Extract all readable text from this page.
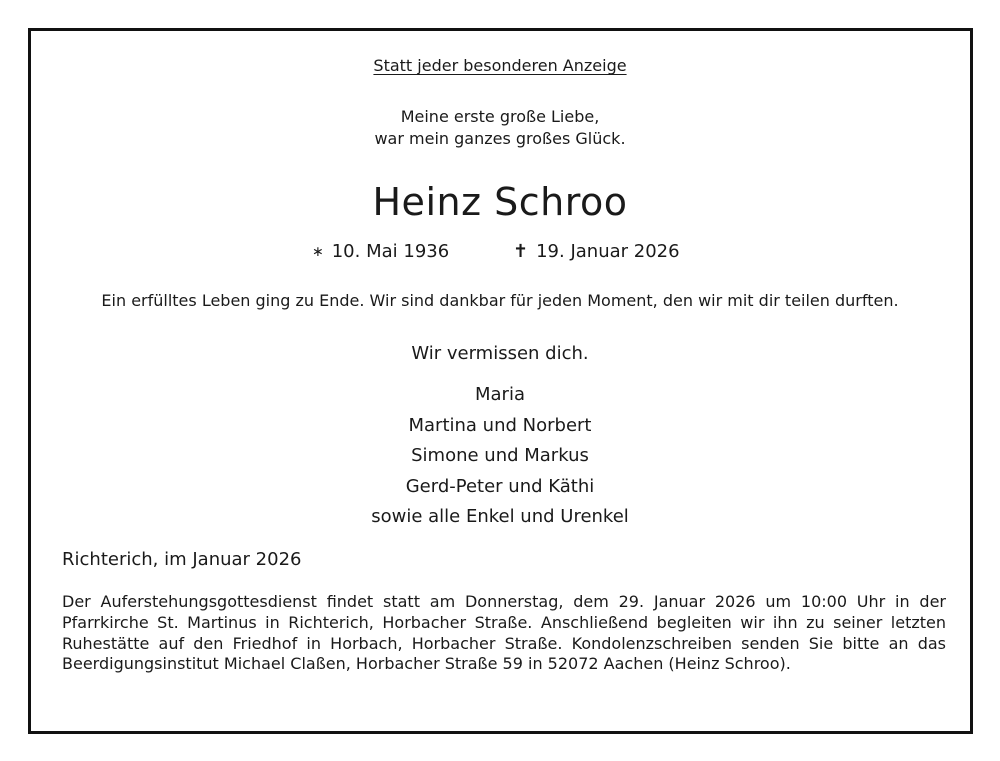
Statt jeder besonderen Anzeige
Meine erste große Liebe,
war mein ganzes großes Glück.
Heinz Schroo
∗ 10. Mai 1936	✝ 19. Januar 2026
Ein erfülltes Leben ging zu Ende. Wir sind dankbar für jeden Moment, den wir mit dir teilen durften.
Wir vermissen dich.
Maria
Martina und Norbert
Simone und Markus
Gerd-Peter und Käthi
sowie alle Enkel und Urenkel
Richterich, im Januar 2026
Der Auferstehungsgottesdienst findet statt am Donnerstag, dem 29. Januar 2026 um 10:00 Uhr in der Pfarrkirche St. Martinus in Richterich, Horbacher Straße. Anschließend begleiten wir ihn zu seiner letzten Ruhestätte auf den Friedhof in Horbach, Horbacher Straße. Kondolenzschreiben senden Sie bitte an das Beerdigungsinstitut Michael Claßen, Horbacher Straße 59 in 52072 Aachen (Heinz Schroo).
